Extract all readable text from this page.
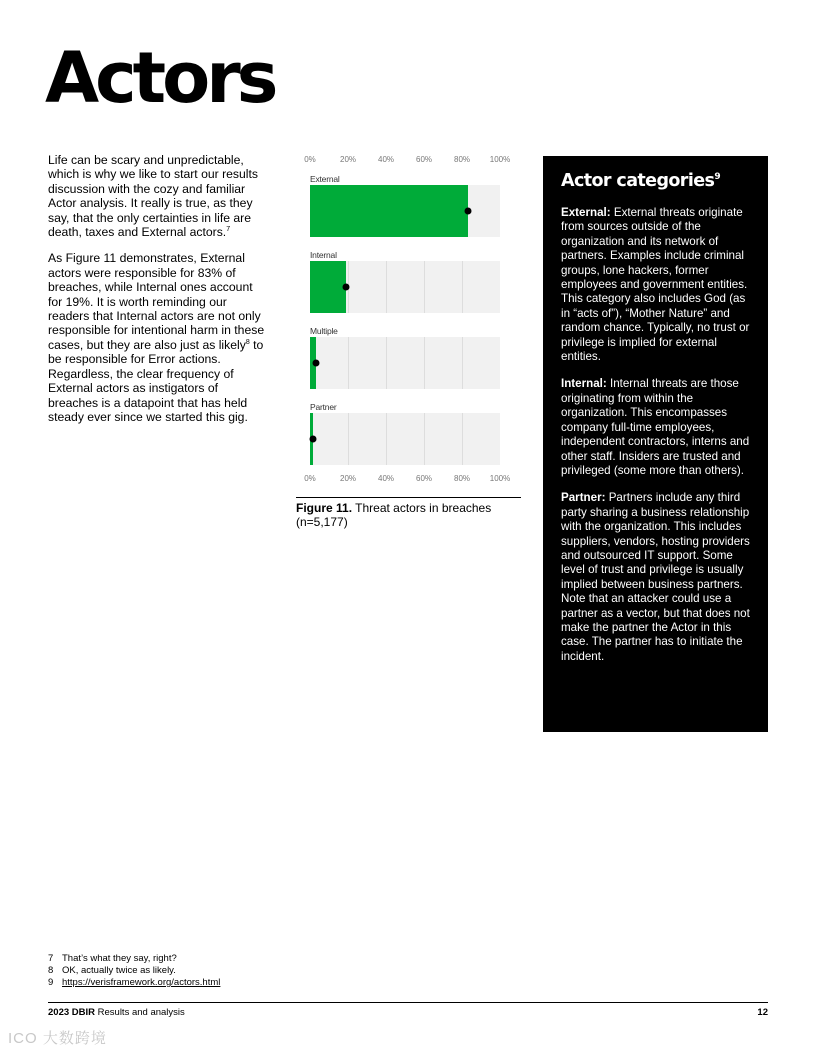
Actors

Life can be scary and unpredictable, which is why we like to start our results discussion with the cozy and familiar Actor analysis. It really is true, as they say, that the only certainties in life are death, taxes and External actors.$^7$

As Figure 11 demonstrates, External actors were responsible for 83% of breaches, while Internal ones account for 19%. It is worth reminding our readers that Internal actors are not only responsible for intentional harm in these cases, but they are also just as likely$^8$ to be responsible for Error actions. Regardless, the clear frequency of External actors as instigators of breaches is a datapoint that has held steady ever since we started this gig.

0%	20%	40%	60%	80% 100%
External
Internal
Multiple
Partner
0%	20%	40%	60%	80% 100%
Figure 11. Threat actors in breaches (n=5,177)
Actor categories$^9$

External: External threats originate from sources outside of the organization and its network of partners. Examples include criminal groups, lone hackers, former employees and government entities. This category also includes God (as in “acts of”), “Mother Nature” and random chance. Typically, no trust or privilege is implied for external entities.

Internal: Internal threats are those originating from within the organization. This encompasses company full-time employees, independent contractors, interns and other staff. Insiders are trusted and privileged (some more than others).

Partner: Partners include any third party sharing a business relationship with the organization. This includes suppliers, vendors, hosting providers and outsourced IT support. Some level of trust and privilege is usually implied between business partners. Note that an attacker could use a partner as a vector, but that does not make the partner the Actor in this case. The partner has to initiate the incident.

7 That’s what they say, right?
8 OK, actually twice as likely.
9 https://verisframework.org/actors.html
2023 DBIR Results and analysis	12
ICO 大数跨境
